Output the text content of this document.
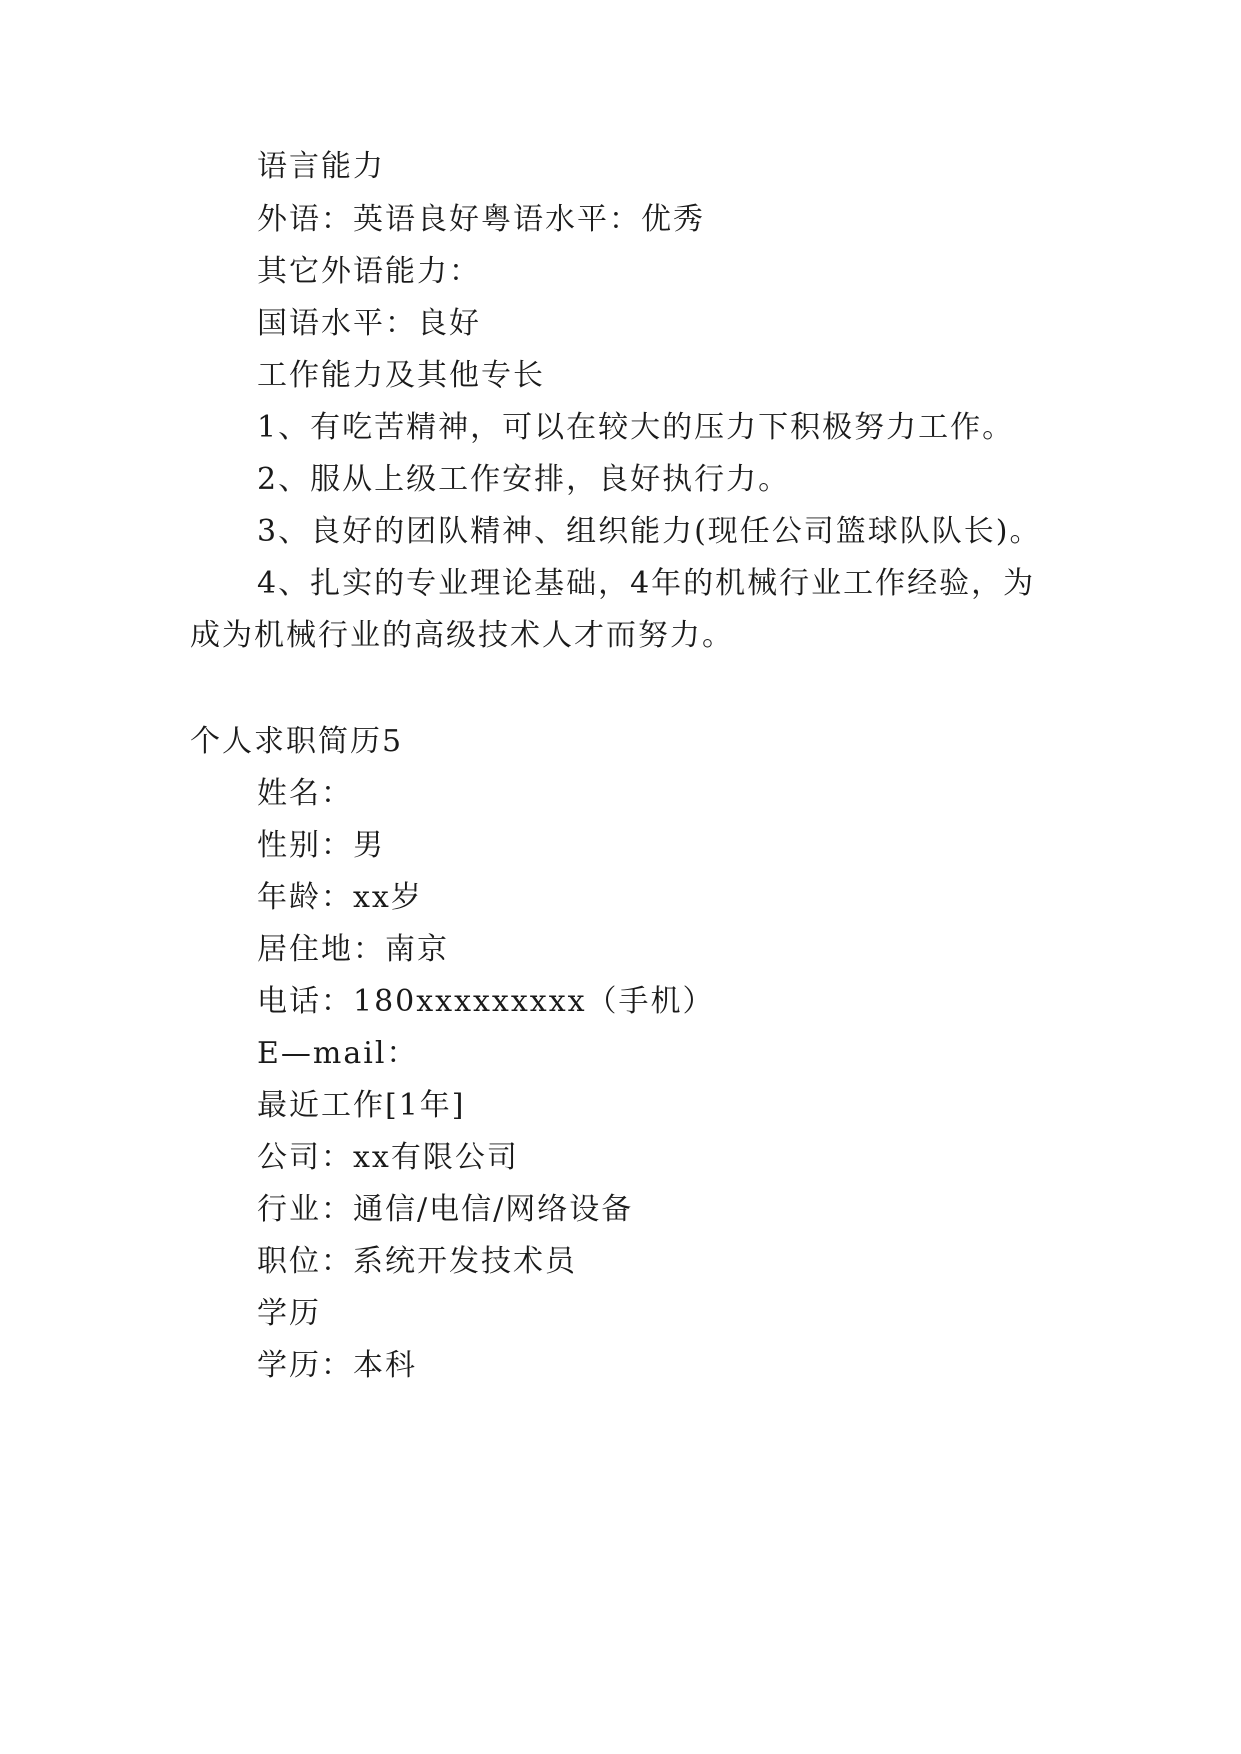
语言能力
外语：英语良好粤语水平：优秀
其它外语能力：
国语水平：良好
工作能力及其他专长
1、有吃苦精神，可以在较大的压力下积极努力工作。
2、服从上级工作安排，良好执行力。
3、良好的团队精神、组织能力(现任公司篮球队队长)。
4、扎实的专业理论基础，4年的机械行业工作经验，为
成为机械行业的高级技术人才而努力。
个人求职简历5
姓名：
性别：男
年龄：xx岁
居住地：南京
电话：180xxxxxxxxx（手机）
E—mail：
最近工作[1年]
公司：xx有限公司
行业：通信/电信/网络设备
职位：系统开发技术员
学历
学历：本科
